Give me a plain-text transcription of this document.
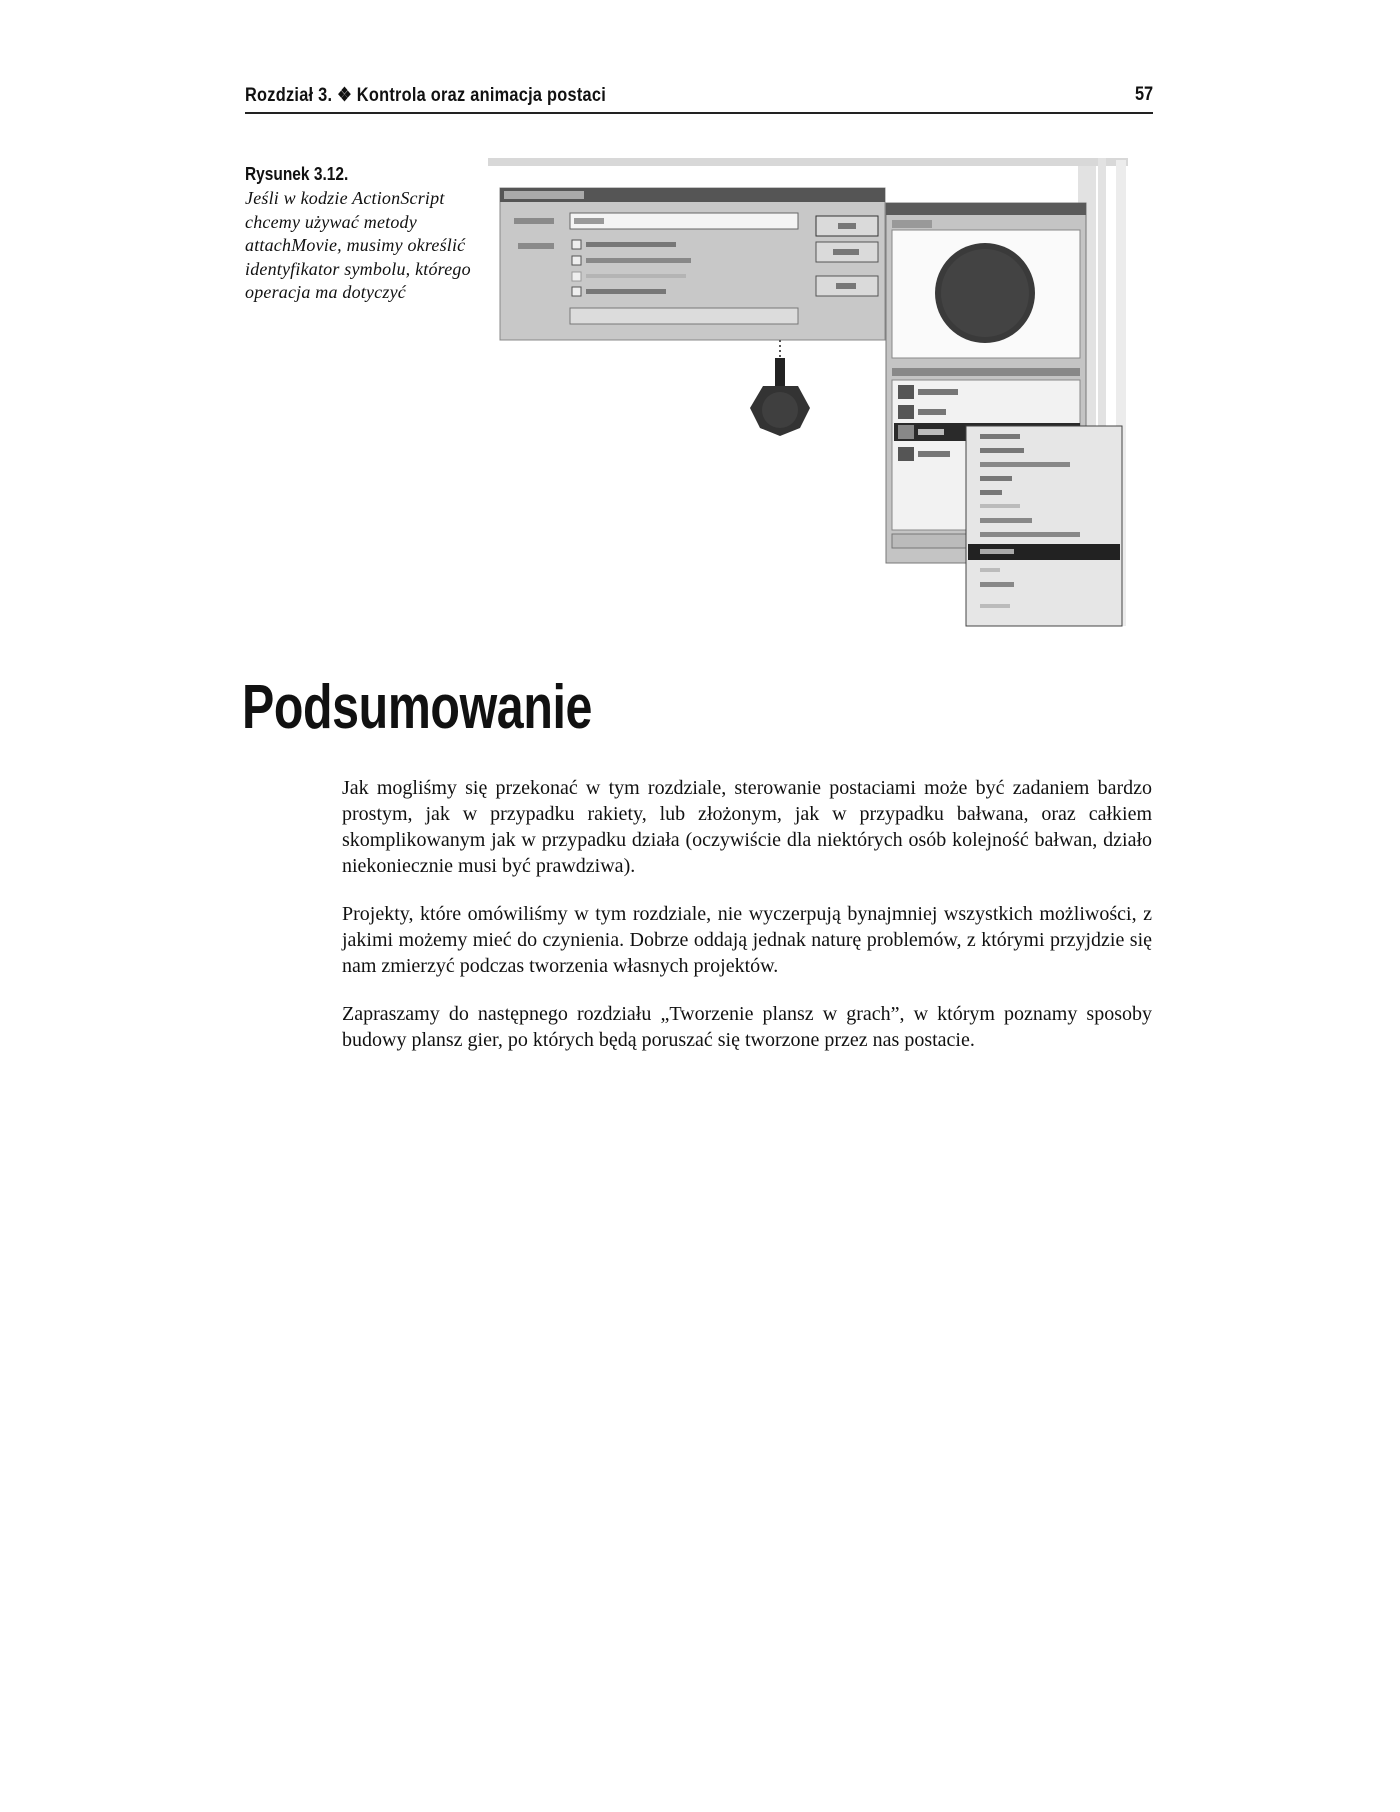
Rozdział 3. ❖ Kontrola oraz animacja postaci	57
Rysunek 3.12.
Jeśli w kodzie ActionScript chcemy używać metody attachMovie, musimy określić identyfikator symbolu, którego operacja ma dotyczyć
Podsumowanie

Jak mogliśmy się przekonać w tym rozdziale, sterowanie postaciami może być zadaniem bardzo prostym, jak w przypadku rakiety, lub złożonym, jak w przypadku bałwana, oraz całkiem skomplikowanym jak w przypadku działa (oczywiście dla niektórych osób kolejność bałwan, działo niekoniecznie musi być prawdziwa).

Projekty, które omówiliśmy w tym rozdziale, nie wyczerpują bynajmniej wszystkich możliwości, z jakimi możemy mieć do czynienia. Dobrze oddają jednak naturę problemów, z którymi przyjdzie się nam zmierzyć podczas tworzenia własnych projektów.

Zapraszamy do następnego rozdziału „Tworzenie plansz w grach”, w którym poznamy sposoby budowy plansz gier, po których będą poruszać się tworzone przez nas postacie.
